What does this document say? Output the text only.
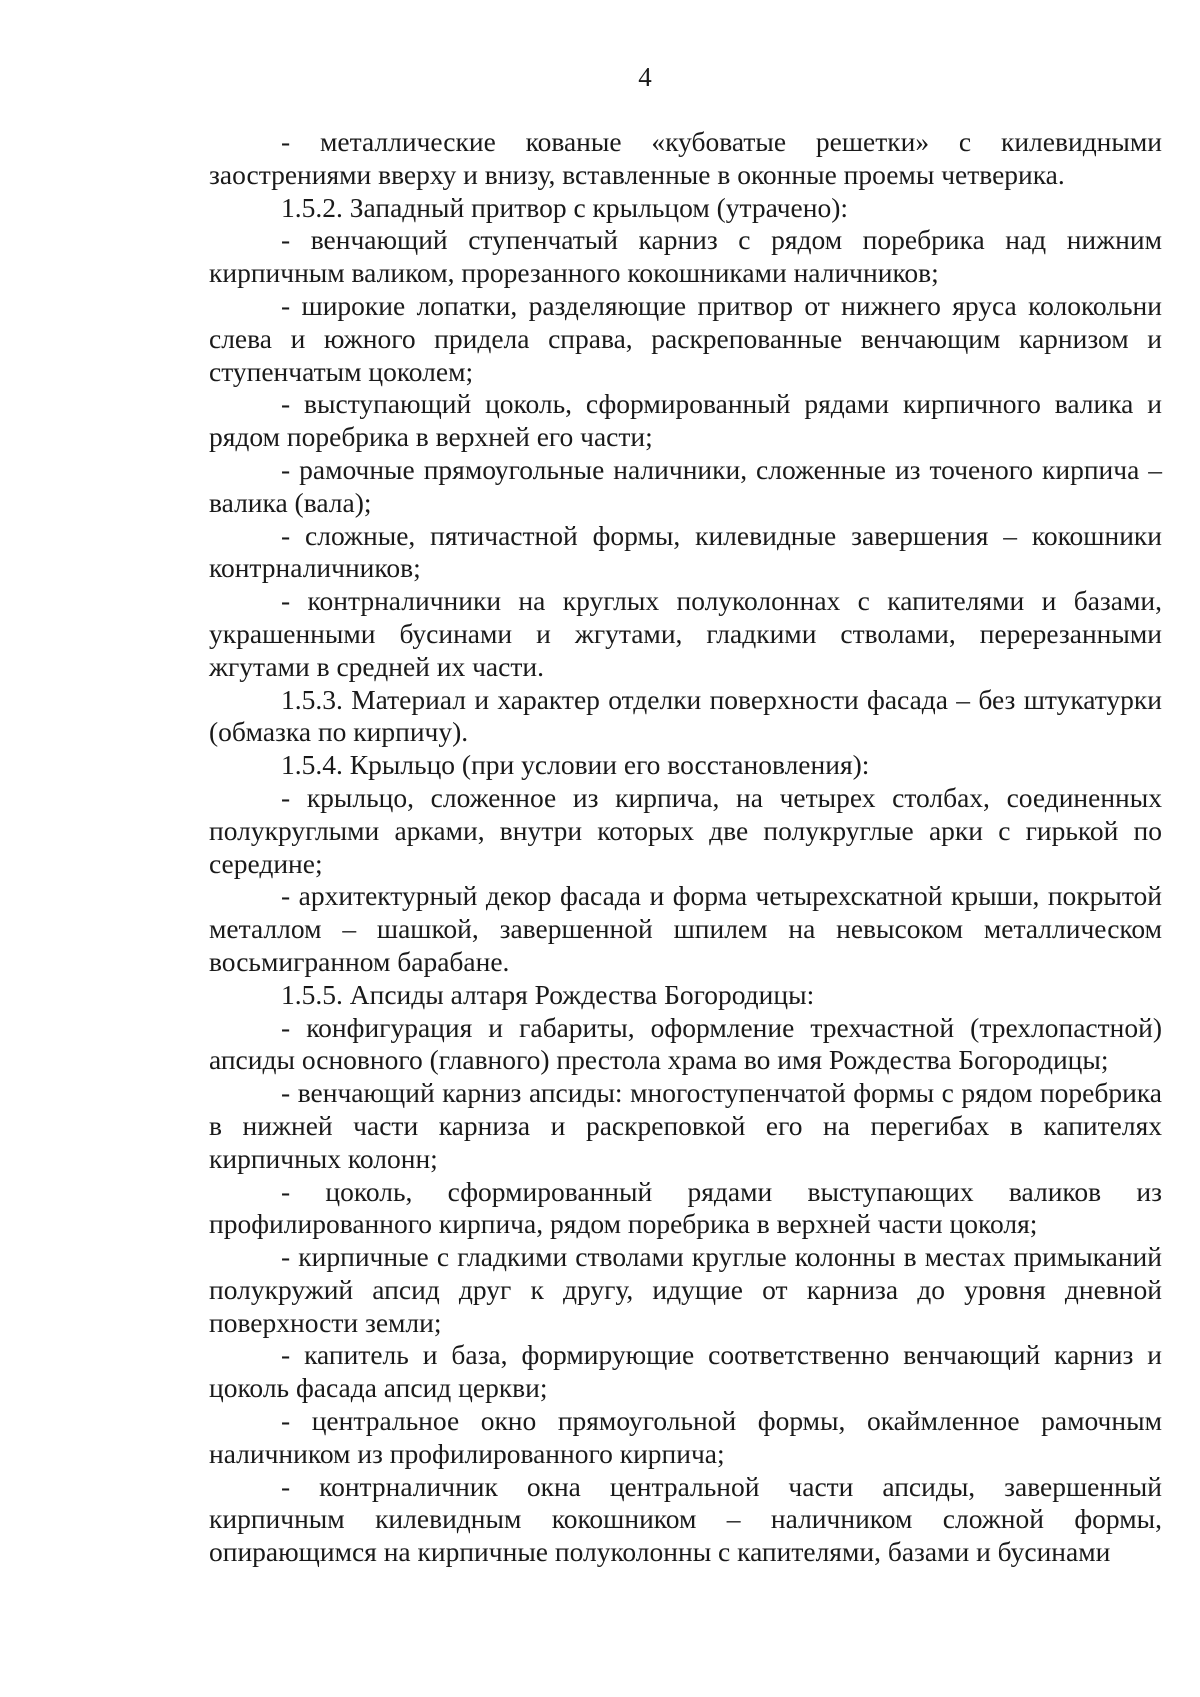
4

- металлические кованые «кубоватые решетки» с килевидными заострениями вверху и внизу, вставленные в оконные проемы четверика.

1.5.2. Западный притвор с крыльцом (утрачено):

- венчающий ступенчатый карниз с рядом поребрика над нижним кирпичным валиком, прорезанного кокошниками наличников;

- широкие лопатки, разделяющие притвор от нижнего яруса колокольни слева и южного придела справа, раскрепованные венчающим карнизом и ступенчатым цоколем;

- выступающий цоколь, сформированный рядами кирпичного валика и рядом поребрика в верхней его части;

- рамочные прямоугольные наличники, сложенные из точеного кирпича – валика (вала);

- сложные, пятичастной формы, килевидные завершения – кокошники контрналичников;

- контрналичники на круглых полуколоннах с капителями и базами, украшенными бусинами и жгутами, гладкими стволами, перерезанными жгутами в средней их части.

1.5.3. Материал и характер отделки поверхности фасада – без штукатурки (обмазка по кирпичу).

1.5.4. Крыльцо (при условии его восстановления):

- крыльцо, сложенное из кирпича, на четырех столбах, соединенных полукруглыми арками, внутри которых две полукруглые арки с гирькой по середине;

- архитектурный декор фасада и форма четырехскатной крыши, покрытой металлом – шашкой, завершенной шпилем на невысоком металлическом восьмигранном барабане.

1.5.5. Апсиды алтаря Рождества Богородицы:

- конфигурация и габариты, оформление трехчастной (трехлопастной) апсиды основного (главного) престола храма во имя Рождества Богородицы;

- венчающий карниз апсиды: многоступенчатой формы с рядом поребрика в нижней части карниза и раскреповкой его на перегибах в капителях кирпичных колонн;

- цоколь, сформированный рядами выступающих валиков из профилированного кирпича, рядом поребрика в верхней части цоколя;

- кирпичные с гладкими стволами круглые колонны в местах примыканий полукружий апсид друг к другу, идущие от карниза до уровня дневной поверхности земли;

- капитель и база, формирующие соответственно венчающий карниз и цоколь фасада апсид церкви;

- центральное окно прямоугольной формы, окаймленное рамочным наличником из профилированного кирпича;

- контрналичник окна центральной части апсиды, завершенный кирпичным килевидным кокошником – наличником сложной формы, опирающимся на кирпичные полуколонны с капителями, базами и бусинами
